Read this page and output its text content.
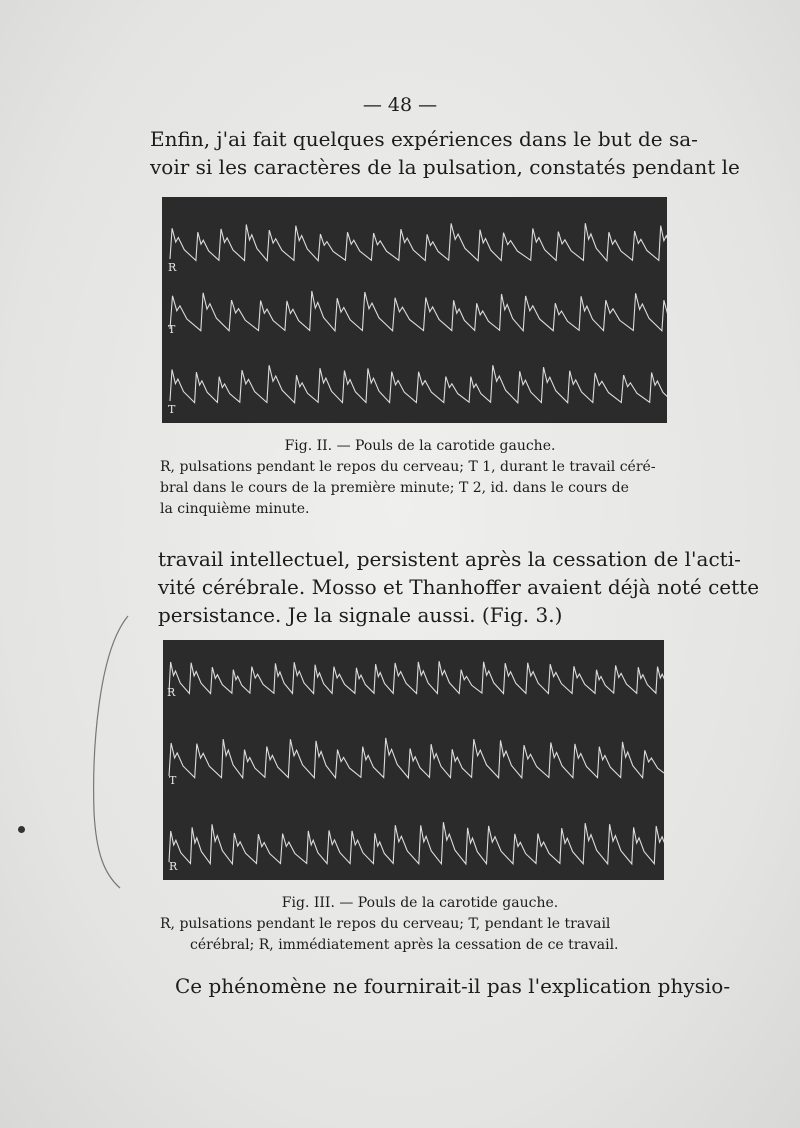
— 48 —
Enfin, j'ai fait quelques expériences dans le but de sa-
voir si les caractères de la pulsation, constatés pendant le
R
T
T
Fig. II. — Pouls de la carotide gauche.
R, pulsations pendant le repos du cerveau; T 1, durant le travail céré-
bral dans le cours de la première minute; T 2, id. dans le cours de
la cinquième minute.
travail intellectuel, persistent après la cessation de l'acti-
vité cérébrale. Mosso et Thanhoffer avaient déjà noté cette
persistance. Je la signale aussi. (Fig. 3.)
R
T
R
Fig. III. — Pouls de la carotide gauche.
R, pulsations pendant le repos du cerveau; T, pendant le travail
cérébral; R, immédiatement après la cessation de ce travail.
Ce phénomène ne fournirait-il pas l'explication physio-
